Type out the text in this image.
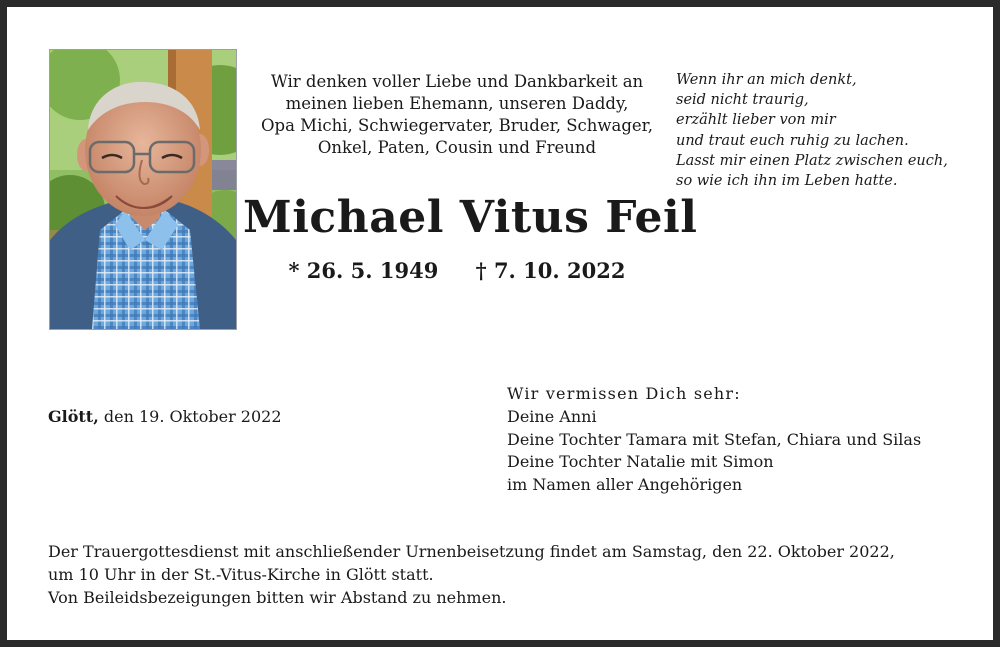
Wir denken voller Liebe und Dankbarkeit an
meinen lieben Ehemann, unseren Daddy,
Opa Michi, Schwiegervater, Bruder, Schwager,
Onkel, Paten, Cousin und Freund
Michael Vitus Feil
* 26. 5. 1949 † 7. 10. 2022
Wenn ihr an mich denkt,
seid nicht traurig,
erzählt lieber von mir
und traut euch ruhig zu lachen.
Lasst mir einen Platz zwischen euch,
so wie ich ihn im Leben hatte.
Glött, den 19. Oktober 2022
Wir vermissen Dich sehr:
Deine Anni
Deine Tochter Tamara mit Stefan, Chiara und Silas
Deine Tochter Natalie mit Simon
im Namen aller Angehörigen
Der Trauergottesdienst mit anschließender Urnenbeisetzung findet am Samstag, den 22. Oktober 2022,
um 10 Uhr in der St.-Vitus-Kirche in Glött statt.
Von Beileidsbezeigungen bitten wir Abstand zu nehmen.
